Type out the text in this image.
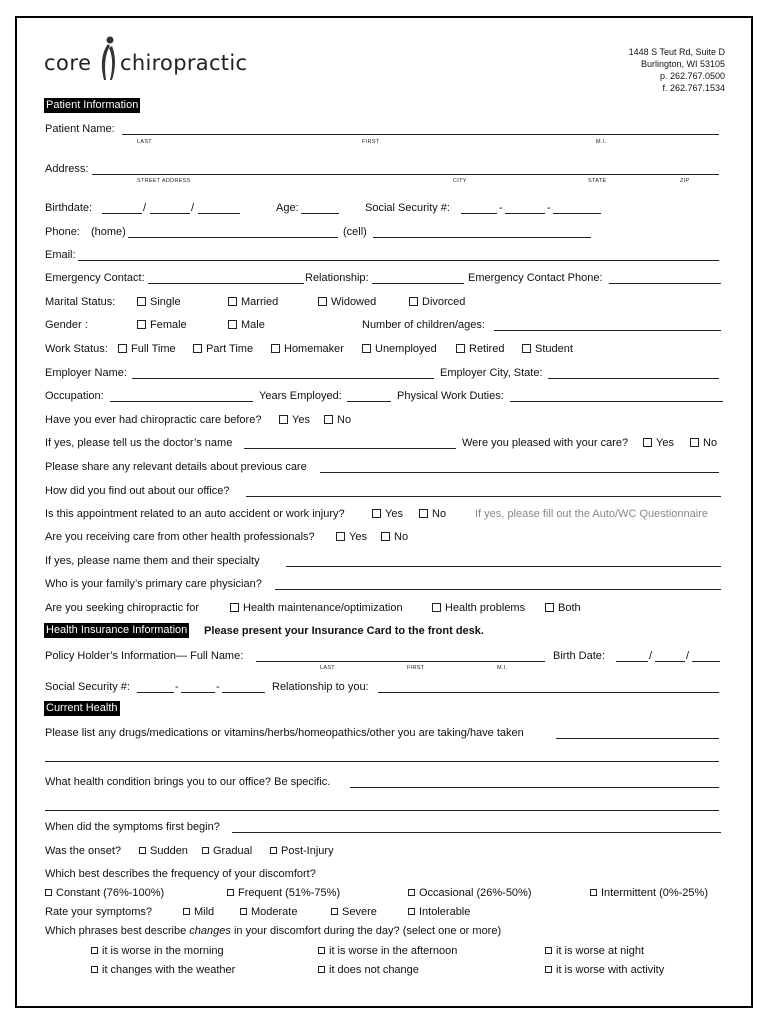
core chiropractic	1448 S Teut Rd, Suite D
Burlington, WI 53105
p. 262.767.0500
f. 262.767.1534
Patient Information
Patient Name:
LAST	FIRST	M.I.
Address:
STREET ADDRESS	CITY	STATE	ZIP
Birthdate:	/	/	Age:	Social Security #:	-	-
Phone: (home)	(cell)
Email:
Emergency Contact:	Relationship:	Emergency Contact Phone:
Marital Status:	Single	Married	Widowed	Divorced
Gender :	Female	Male	Number of children/ages:
Work Status:	Full Time	Part Time	Homemaker	Unemployed	Retired	Student
Employer Name:	Employer City, State:
Occupation:	Years Employed:	Physical Work Duties:
Have you ever had chiropractic care before?	Yes	No
If yes, please tell us the doctor’s name	Were you pleased with your care?	Yes	No
Please share any relevant details about previous care
How did you find out about our office?
Is this appointment related to an auto accident or work injury?	Yes	No	If yes, please fill out the Auto/WC Questionnaire
Are you receiving care from other health professionals?	Yes	No
If yes, please name them and their specialty
Who is your family’s primary care physician?
Are you seeking chiropractic for	Health maintenance/optimization	Health problems	Both
Health Insurance Information Please present your Insurance Card to the front desk.
Policy Holder’s Information— Full Name:
LAST	FIRST	M.I.
Birth Date:	/	/
Social Security #:	-	-	Relationship to you:
Current Health
Please list any drugs/medications or vitamins/herbs/homeopathics/other you are taking/have taken
What health condition brings you to our office? Be specific.
When did the symptoms first begin?
Was the onset?	Sudden	Gradual	Post-Injury
Which best describes the frequency of your discomfort?
Constant (76%-100%)	Frequent (51%-75%)	Occasional (26%-50%)	Intermittent (0%-25%)
Rate your symptoms?	Mild	Moderate	Severe	Intolerable
Which phrases best describe changes in your discomfort during the day? (select one or more)
it is worse in the morning	it is worse in the afternoon	it is worse at night
it changes with the weather	it does not change	it is worse with activity
